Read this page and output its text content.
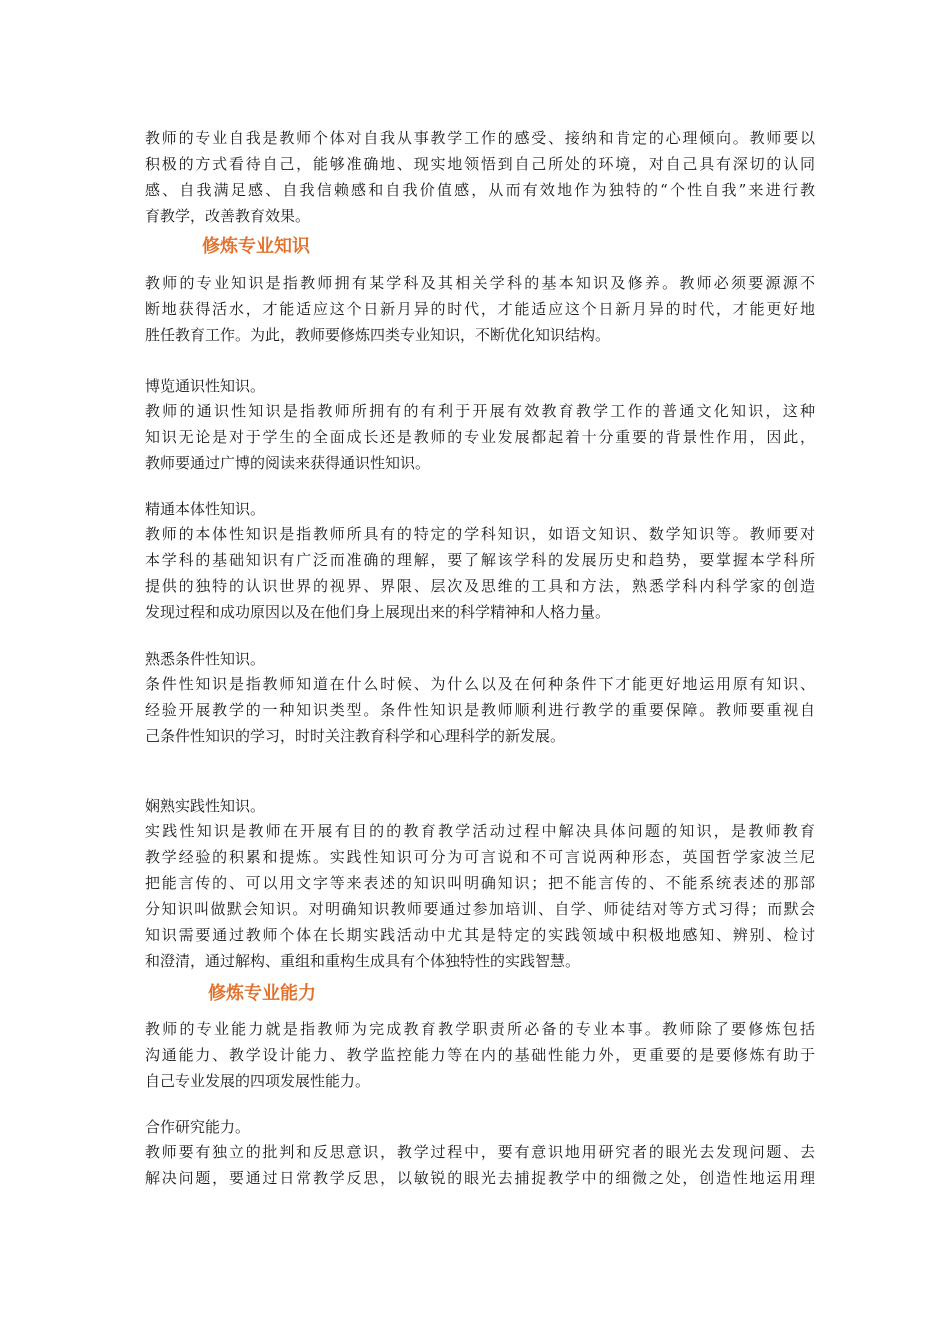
教师的专业自我是教师个体对自我从事教学工作的感受、接纳和肯定的心理倾向。教师要以
积极的方式看待自己，能够准确地、现实地领悟到自己所处的环境，对自己具有深切的认同
感、自我满足感、自我信赖感和自我价值感，从而有效地作为独特的“个性自我”来进行教
育教学，改善教育效果。
修炼专业知识
教师的专业知识是指教师拥有某学科及其相关学科的基本知识及修养。教师必须要源源不
断地获得活水，才能适应这个日新月异的时代，才能适应这个日新月异的时代，才能更好地
胜任教育工作。为此，教师要修炼四类专业知识，不断优化知识结构。
博览通识性知识。
教师的通识性知识是指教师所拥有的有利于开展有效教育教学工作的普通文化知识，这种
知识无论是对于学生的全面成长还是教师的专业发展都起着十分重要的背景性作用，因此，
教师要通过广博的阅读来获得通识性知识。
精通本体性知识。
教师的本体性知识是指教师所具有的特定的学科知识，如语文知识、数学知识等。教师要对
本学科的基础知识有广泛而准确的理解，要了解该学科的发展历史和趋势，要掌握本学科所
提供的独特的认识世界的视界、界限、层次及思维的工具和方法，熟悉学科内科学家的创造
发现过程和成功原因以及在他们身上展现出来的科学精神和人格力量。
熟悉条件性知识。
条件性知识是指教师知道在什么时候、为什么以及在何种条件下才能更好地运用原有知识、
经验开展教学的一种知识类型。条件性知识是教师顺利进行教学的重要保障。教师要重视自
己条件性知识的学习，时时关注教育科学和心理科学的新发展。
娴熟实践性知识。
实践性知识是教师在开展有目的的教育教学活动过程中解决具体问题的知识，是教师教育
教学经验的积累和提炼。实践性知识可分为可言说和不可言说两种形态，英国哲学家波兰尼
把能言传的、可以用文字等来表述的知识叫明确知识；把不能言传的、不能系统表述的那部
分知识叫做默会知识。对明确知识教师要通过参加培训、自学、师徒结对等方式习得；而默会
知识需要通过教师个体在长期实践活动中尤其是特定的实践领域中积极地感知、辨别、检讨
和澄清，通过解构、重组和重构生成具有个体独特性的实践智慧。
修炼专业能力
教师的专业能力就是指教师为完成教育教学职责所必备的专业本事。教师除了要修炼包括
沟通能力、教学设计能力、教学监控能力等在内的基础性能力外，更重要的是要修炼有助于
自己专业发展的四项发展性能力。
合作研究能力。
教师要有独立的批判和反思意识，教学过程中，要有意识地用研究者的眼光去发现问题、去
解决问题，要通过日常教学反思，以敏锐的眼光去捕捉教学中的细微之处，创造性地运用理
